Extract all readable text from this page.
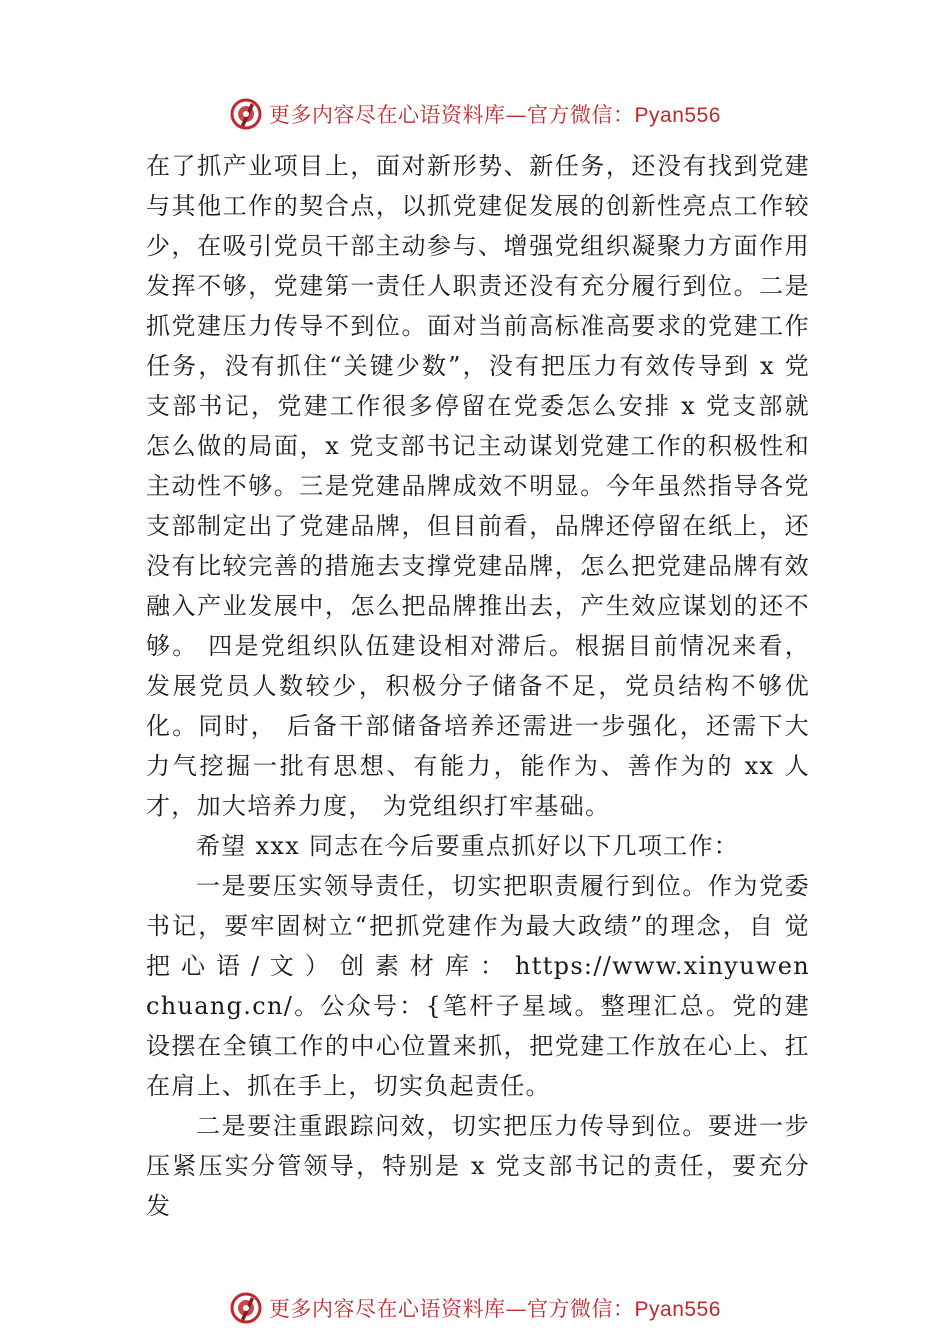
更多内容尽在心语资料库—官方微信：Pyan556

在了抓产业项目上，面对新形势、新任务，还没有找到党建与其他工作的契合点，以抓党建促发展的创新性亮点工作较少，在吸引党员干部主动参与、增强党组织凝聚力方面作用发挥不够，党建第一责任人职责还没有充分履行到位。二是抓党建压力传导不到位。面对当前高标准高要求的党建工作任务，没有抓住“关键少数”，没有把压力有效传导到 x 党支部书记，党建工作很多停留在党委怎么安排 x 党支部就怎么做的局面，x 党支部书记主动谋划党建工作的积极性和主动性不够。三是党建品牌成效不明显。今年虽然指导各党支部制定出了党建品牌，但目前看，品牌还停留在纸上，还没有比较完善的措施去支撑党建品牌，怎么把党建品牌有效融入产业发展中，怎么把品牌推出去，产生效应谋划的还不够。 四是党组织队伍建设相对滞后。根据目前情况来看，发展党员人数较少，积极分子储备不足，党员结构不够优化。同时， 后备干部储备培养还需进一步强化，还需下大力气挖掘一批有思想、有能力，能作为、善作为的 xx 人才，加大培养力度， 为党组织打牢基础。

希望 xxx 同志在今后要重点抓好以下几项工作：

一是要压实领导责任，切实把职责履行到位。作为党委书记，要牢固树立“把抓党建作为最大政绩”的理念，自 觉 把 心 语 / 文 ） 创 素 材 库 ： https://www.xinyuwenchuang.cn/。公众号：{笔杆子星域。整理汇总。党的建设摆在全镇工作的中心位置来抓，把党建工作放在心上、扛在肩上、抓在手上，切实负起责任。

二是要注重跟踪问效，切实把压力传导到位。要进一步压紧压实分管领导，特别是 x 党支部书记的责任，要充分发

更多内容尽在心语资料库—官方微信：Pyan556
